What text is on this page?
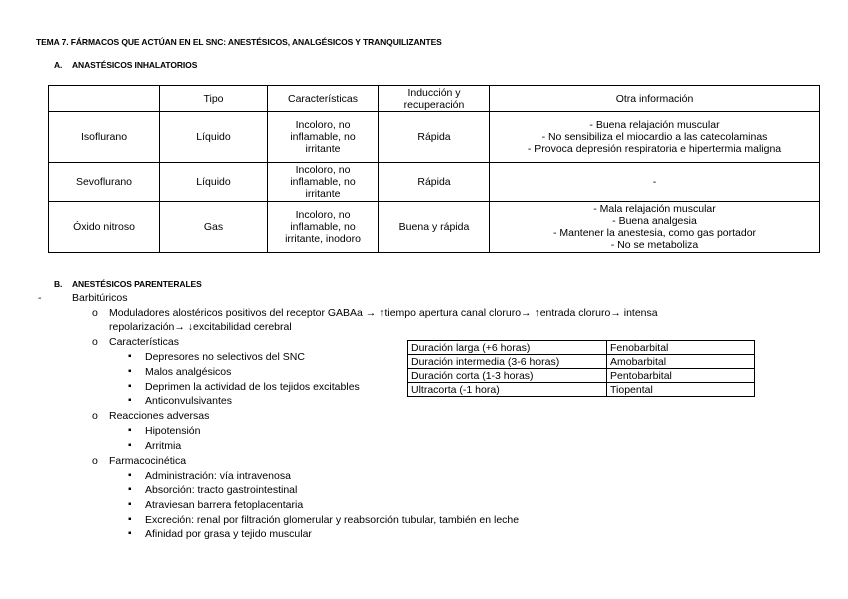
TEMA 7. FÁRMACOS QUE ACTÚAN EN EL SNC: ANESTÉSICOS, ANALGÉSICOS Y TRANQUILIZANTES
A. ANASTÉSICOS INHALATORIOS
	Tipo	Características	Inducción y recuperación	Otra información
Isoflurano	Líquido	Incoloro, no inflamable, no irritante	Rápida	- Buena relajación muscular
- No sensibiliza el miocardio a las catecolaminas
- Provoca depresión respiratoria e hipertermia maligna

Sevoflurano	Líquido	Incoloro, no inflamable, no irritante	Rápida	-

Óxido nitroso	Gas	Incoloro, no inflamable, no irritante, inodoro	Buena y rápida	- Mala relajación muscular
- Buena analgesia
- Mantener la anestesia, como gas portador
- No se metaboliza
B. ANESTÉSICOS PARENTERALES
-	Barbitúricos
o Moduladores alostéricos positivos del receptor GABAa → ↑tiempo apertura canal cloruro→ ↑entrada cloruro→ intensa
repolarización→ ↓excitabilidad cerebral
o Características
▪ Depresores no selectivos del SNC
▪ Malos analgésicos
▪ Deprimen la actividad de los tejidos excitables
▪ Anticonvulsivantes
o Reacciones adversas
▪ Hipotensión
▪ Arritmia
o Farmacocinética
▪ Administración: vía intravenosa
▪ Absorción: tracto gastrointestinal
▪ Atraviesan barrera fetoplacentaria
▪ Excreción: renal por filtración glomerular y reabsorción tubular, también en leche
▪ Afinidad por grasa y tejido muscular
Duración larga (+6 horas)	Fenobarbital
Duración intermedia (3-6 horas)	Amobarbital
Duración corta (1-3 horas)	Pentobarbital
Ultracorta (-1 hora)	Tiopental
